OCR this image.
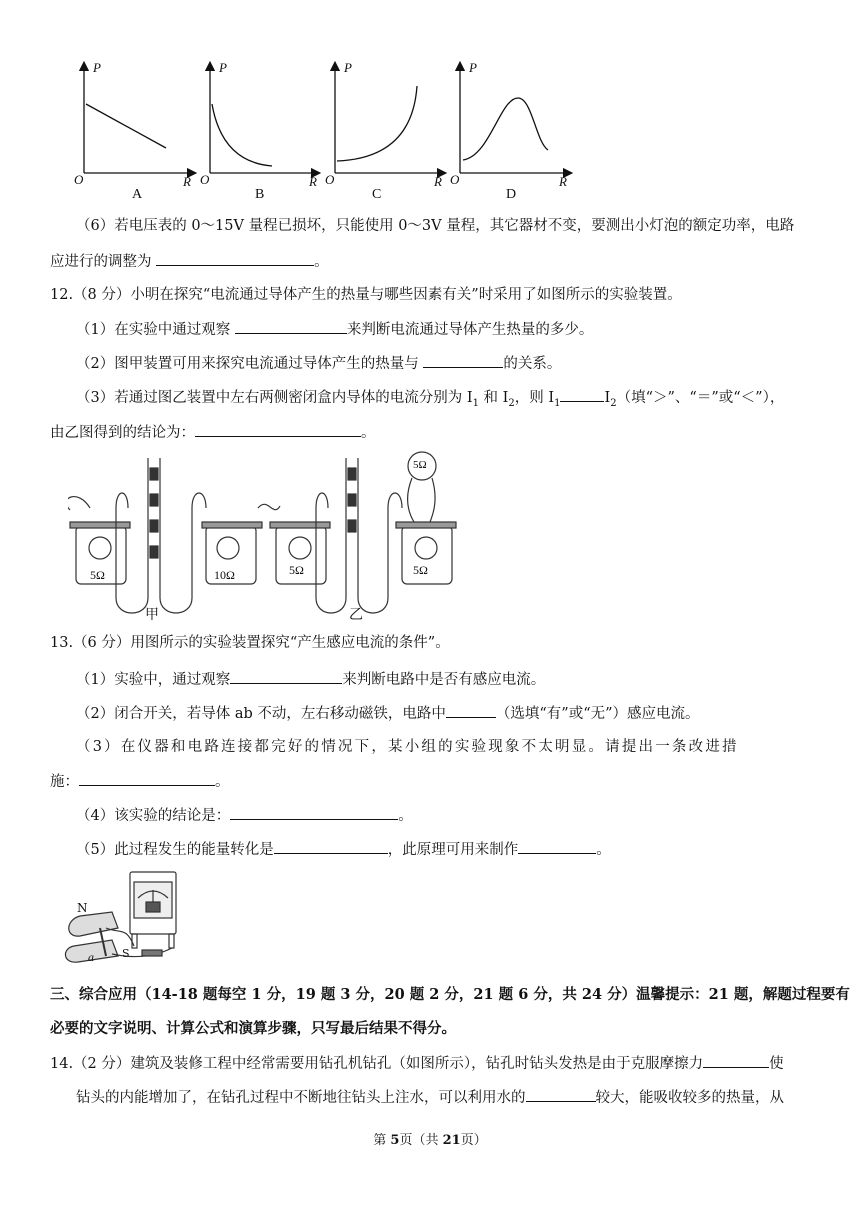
P	P	P	P
O	O	O	O
R	R	R	R
A	B	C	D
（6）若电压表的 0～15V 量程已损坏，只能使用 0～3V 量程，其它器材不变，要测出小灯泡的额定功率，电路
应进行的调整为	。
12.（8 分）小明在探究“电流通过导体产生的热量与哪些因素有关”时采用了如图所示的实验装置。
（1）在实验中通过观察	来判断电流通过导体产生热量的多少。
（2）图甲装置可用来探究电流通过导体产生的热量与	的关系。
（3）若通过图乙装置中左右两侧密闭盒内导体的电流分别为 $I_1$ 和 $I_2$，则 $I_1$	$I_2$（填“＞”、“＝”或“＜”），
由乙图得到的结论为：	。
5Ω	10Ω	5Ω	5Ω
5Ω
甲	乙
13.（6 分）用图所示的实验装置探究“产生感应电流的条件”。
（1）实验中，通过观察	来判断电路中是否有感应电流。
（2）闭合开关，若导体 ab 不动，左右移动磁铁，电路中	（选填“有”或“无”）感应电流。
（3）在仪器和电路连接都完好的情况下，某小组的实验现象不太明显。请提出一条改进措
施：	。
（4）该实验的结论是：	。
（5）此过程发生的能量转化是	，此原理可用来制作	。
N
S
a
三、综合应用（14-18 题每空 1 分，19 题 3 分，20 题 2 分，21 题 6 分，共 24 分）温馨提示：21 题，解题过程要有
必要的文字说明、计算公式和演算步骤，只写最后结果不得分。
14.（2 分）建筑及装修工程中经常需要用钻孔机钻孔（如图所示），钻孔时钻头发热是由于克服摩擦力	使
钻头的内能增加了，在钻孔过程中不断地往钻头上注水，可以利用水的	较大，能吸收较多的热量，从
第 5页（共 21页）
